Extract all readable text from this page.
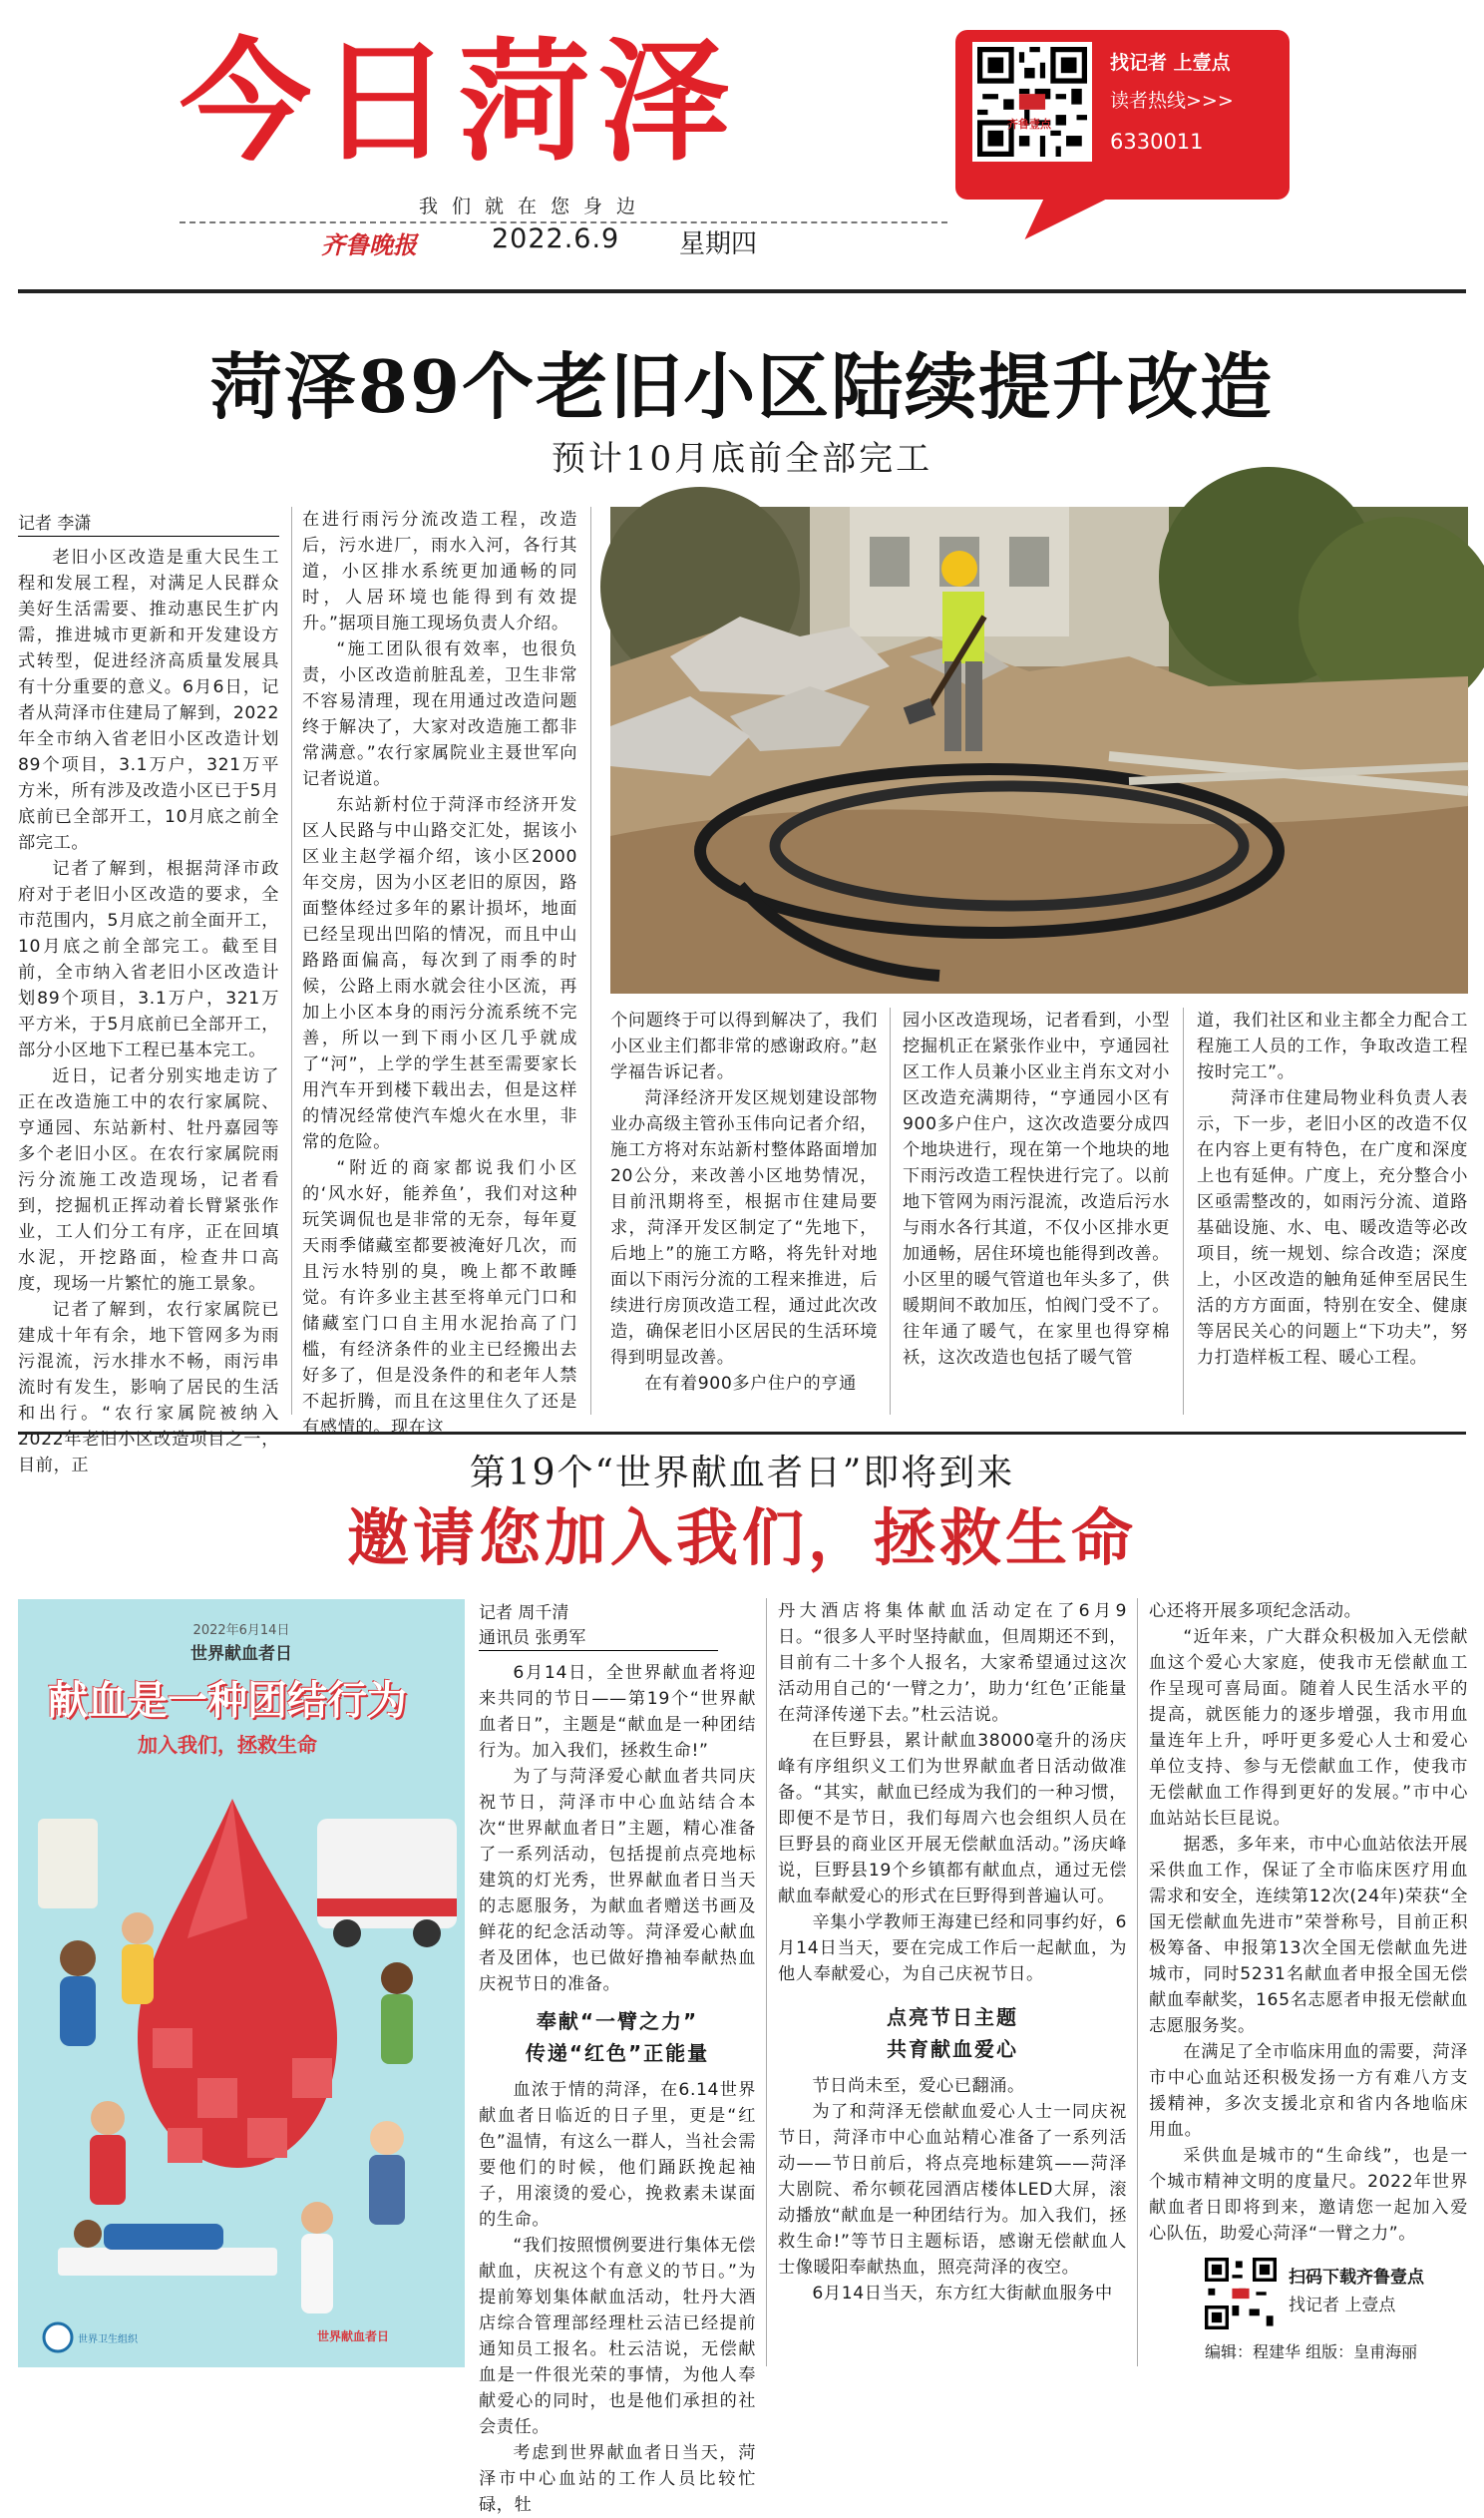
今日菏泽
我们就在您身边
齐鲁晚报	2022.6.9 星期四
齐鲁壹点
找记者 上壹点
读者热线>>>
6330011
菏泽89个老旧小区陆续提升改造
预计10月底前全部完工
记者 李潇

老旧小区改造是重大民生工程和发展工程，对满足人民群众美好生活需要、推动惠民生扩内需，推进城市更新和开发建设方式转型，促进经济高质量发展具有十分重要的意义。6月6日，记者从菏泽市住建局了解到，2022年全市纳入省老旧小区改造计划89个项目，3.1万户，321万平方米，所有涉及改造小区已于5月底前已全部开工，10月底之前全部完工。

记者了解到，根据菏泽市政府对于老旧小区改造的要求，全市范围内，5月底之前全面开工，10月底之前全部完工。截至目前，全市纳入省老旧小区改造计划89个项目，3.1万户，321万平方米，于5月底前已全部开工，部分小区地下工程已基本完工。

近日，记者分别实地走访了正在改造施工中的农行家属院、亨通园、东站新村、牡丹嘉园等多个老旧小区。在农行家属院雨污分流施工改造现场，记者看到，挖掘机正挥动着长臂紧张作业，工人们分工有序，正在回填水泥，开挖路面，检查井口高度，现场一片繁忙的施工景象。

记者了解到，农行家属院已建成十年有余，地下管网多为雨污混流，污水排水不畅，雨污串流时有发生，影响了居民的生活和出行。“农行家属院被纳入2022年老旧小区改造项目之一，目前，正

在进行雨污分流改造工程，改造后，污水进厂，雨水入河，各行其道，小区排水系统更加通畅的同时，人居环境也能得到有效提升。”据项目施工现场负责人介绍。

“施工团队很有效率，也很负责，小区改造前脏乱差，卫生非常不容易清理，现在用通过改造问题终于解决了，大家对改造施工都非常满意。”农行家属院业主聂世军向记者说道。

东站新村位于菏泽市经济开发区人民路与中山路交汇处，据该小区业主赵学福介绍，该小区2000年交房，因为小区老旧的原因，路面整体经过多年的累计损坏，地面已经呈现出凹陷的情况，而且中山路路面偏高，每次到了雨季的时候，公路上雨水就会往小区流，再加上小区本身的雨污分流系统不完善，所以一到下雨小区几乎就成了“河”，上学的学生甚至需要家长用汽车开到楼下载出去，但是这样的情况经常使汽车熄火在水里，非常的危险。

“附近的商家都说我们小区的‘风水好，能养鱼’，我们对这种玩笑调侃也是非常的无奈，每年夏天雨季储藏室都要被淹好几次，而且污水特别的臭，晚上都不敢睡觉。有许多业主甚至将单元门口和储藏室门口自主用水泥抬高了门槛，有经济条件的业主已经搬出去好多了，但是没条件的和老年人禁不起折腾，而且在这里住久了还是有感情的。现在这

个问题终于可以得到解决了，我们小区业主们都非常的感谢政府。”赵学福告诉记者。

菏泽经济开发区规划建设部物业办高级主管孙玉伟向记者介绍，施工方将对东站新村整体路面增加20公分，来改善小区地势情况，目前汛期将至，根据市住建局要求，菏泽开发区制定了“先地下，后地上”的施工方略，将先针对地面以下雨污分流的工程来推进，后续进行房顶改造工程，通过此次改造，确保老旧小区居民的生活环境得到明显改善。

在有着900多户住户的亨通

园小区改造现场，记者看到，小型挖掘机正在紧张作业中，亨通园社区工作人员兼小区业主肖东文对小区改造充满期待，“亨通园小区有900多户住户，这次改造要分成四个地块进行，现在第一个地块的地下雨污改造工程快进行完了。以前地下管网为雨污混流，改造后污水与雨水各行其道，不仅小区排水更加通畅，居住环境也能得到改善。小区里的暖气管道也年头多了，供暖期间不敢加压，怕阀门受不了。往年通了暖气，在家里也得穿棉袄，这次改造也包括了暖气管

道，我们社区和业主都全力配合工程施工人员的工作，争取改造工程按时完工”。

菏泽市住建局物业科负责人表示，下一步，老旧小区的改造不仅在内容上更有特色，在广度和深度上也有延伸。广度上，充分整合小区亟需整改的，如雨污分流、道路基础设施、水、电、暖改造等必改项目，统一规划、综合改造；深度上，小区改造的触角延伸至居民生活的方方面面，特别在安全、健康等居民关心的问题上“下功夫”，努力打造样板工程、暖心工程。

第19个“世界献血者日”即将到来
邀请您加入我们，拯救生命
2022年6月14日
世界献血者日
献血是一种团结行为
加入我们，拯救生命
世界卫生组织	世界献血者日
记者 周千清
通讯员 张勇军

6月14日，全世界献血者将迎来共同的节日——第19个“世界献血者日”，主题是“献血是一种团结行为。加入我们，拯救生命!”

为了与菏泽爱心献血者共同庆祝节日，菏泽市中心血站结合本次“世界献血者日”主题，精心准备了一系列活动，包括提前点亮地标建筑的灯光秀，世界献血者日当天的志愿服务，为献血者赠送书画及鲜花的纪念活动等。菏泽爱心献血者及团体，也已做好撸袖奉献热血庆祝节日的准备。

奉献“一臂之力”

传递“红色”正能量

血浓于情的菏泽，在6.14世界献血者日临近的日子里，更是“红色”温情，有这么一群人，当社会需要他们的时候，他们踊跃挽起袖子，用滚烫的爱心，挽救素未谋面的生命。

“我们按照惯例要进行集体无偿献血，庆祝这个有意义的节日。”为提前筹划集体献血活动，牡丹大酒店综合管理部经理杜云洁已经提前通知员工报名。杜云洁说，无偿献血是一件很光荣的事情，为他人奉献爱心的同时，也是他们承担的社会责任。

考虑到世界献血者日当天，菏泽市中心血站的工作人员比较忙碌，牡

丹大酒店将集体献血活动定在了6月9日。“很多人平时坚持献血，但周期还不到，目前有二十多个人报名，大家希望通过这次活动用自己的‘一臂之力’，助力‘红色’正能量在菏泽传递下去。”杜云洁说。

在巨野县，累计献血38000毫升的汤庆峰有序组织义工们为世界献血者日活动做准备。“其实，献血已经成为我们的一种习惯，即便不是节日，我们每周六也会组织人员在巨野县的商业区开展无偿献血活动。”汤庆峰说，巨野县19个乡镇都有献血点，通过无偿献血奉献爱心的形式在巨野得到普遍认可。

辛集小学教师王海建已经和同事约好，6月14日当天，要在完成工作后一起献血，为他人奉献爱心，为自己庆祝节日。

点亮节日主题

共育献血爱心

节日尚未至，爱心已翻涌。

为了和菏泽无偿献血爱心人士一同庆祝节日，菏泽市中心血站精心准备了一系列活动——节日前后，将点亮地标建筑——菏泽大剧院、希尔顿花园酒店楼体LED大屏，滚动播放“献血是一种团结行为。加入我们，拯救生命!”等节日主题标语，感谢无偿献血人士像暖阳奉献热血，照亮菏泽的夜空。

6月14日当天，东方红大街献血服务中

心还将开展多项纪念活动。

“近年来，广大群众积极加入无偿献血这个爱心大家庭，使我市无偿献血工作呈现可喜局面。随着人民生活水平的提高，就医能力的逐步增强，我市用血量连年上升，呼吁更多爱心人士和爱心单位支持、参与无偿献血工作，使我市无偿献血工作得到更好的发展。”市中心血站站长巨昆说。

据悉，多年来，市中心血站依法开展采供血工作，保证了全市临床医疗用血需求和安全，连续第12次(24年)荣获“全国无偿献血先进市”荣誉称号，目前正积极筹备、申报第13次全国无偿献血先进城市，同时5231名献血者申报全国无偿献血奉献奖，165名志愿者申报无偿献血志愿服务奖。

在满足了全市临床用血的需要，菏泽市中心血站还积极发扬一方有难八方支援精神，多次支援北京和省内各地临床用血。

采供血是城市的“生命线”，也是一个城市精神文明的度量尺。2022年世界献血者日即将到来，邀请您一起加入爱心队伍，助爱心菏泽“一臂之力”。

扫码下载齐鲁壹点
找记者 上壹点
编辑：程建华 组版：皇甫海丽
